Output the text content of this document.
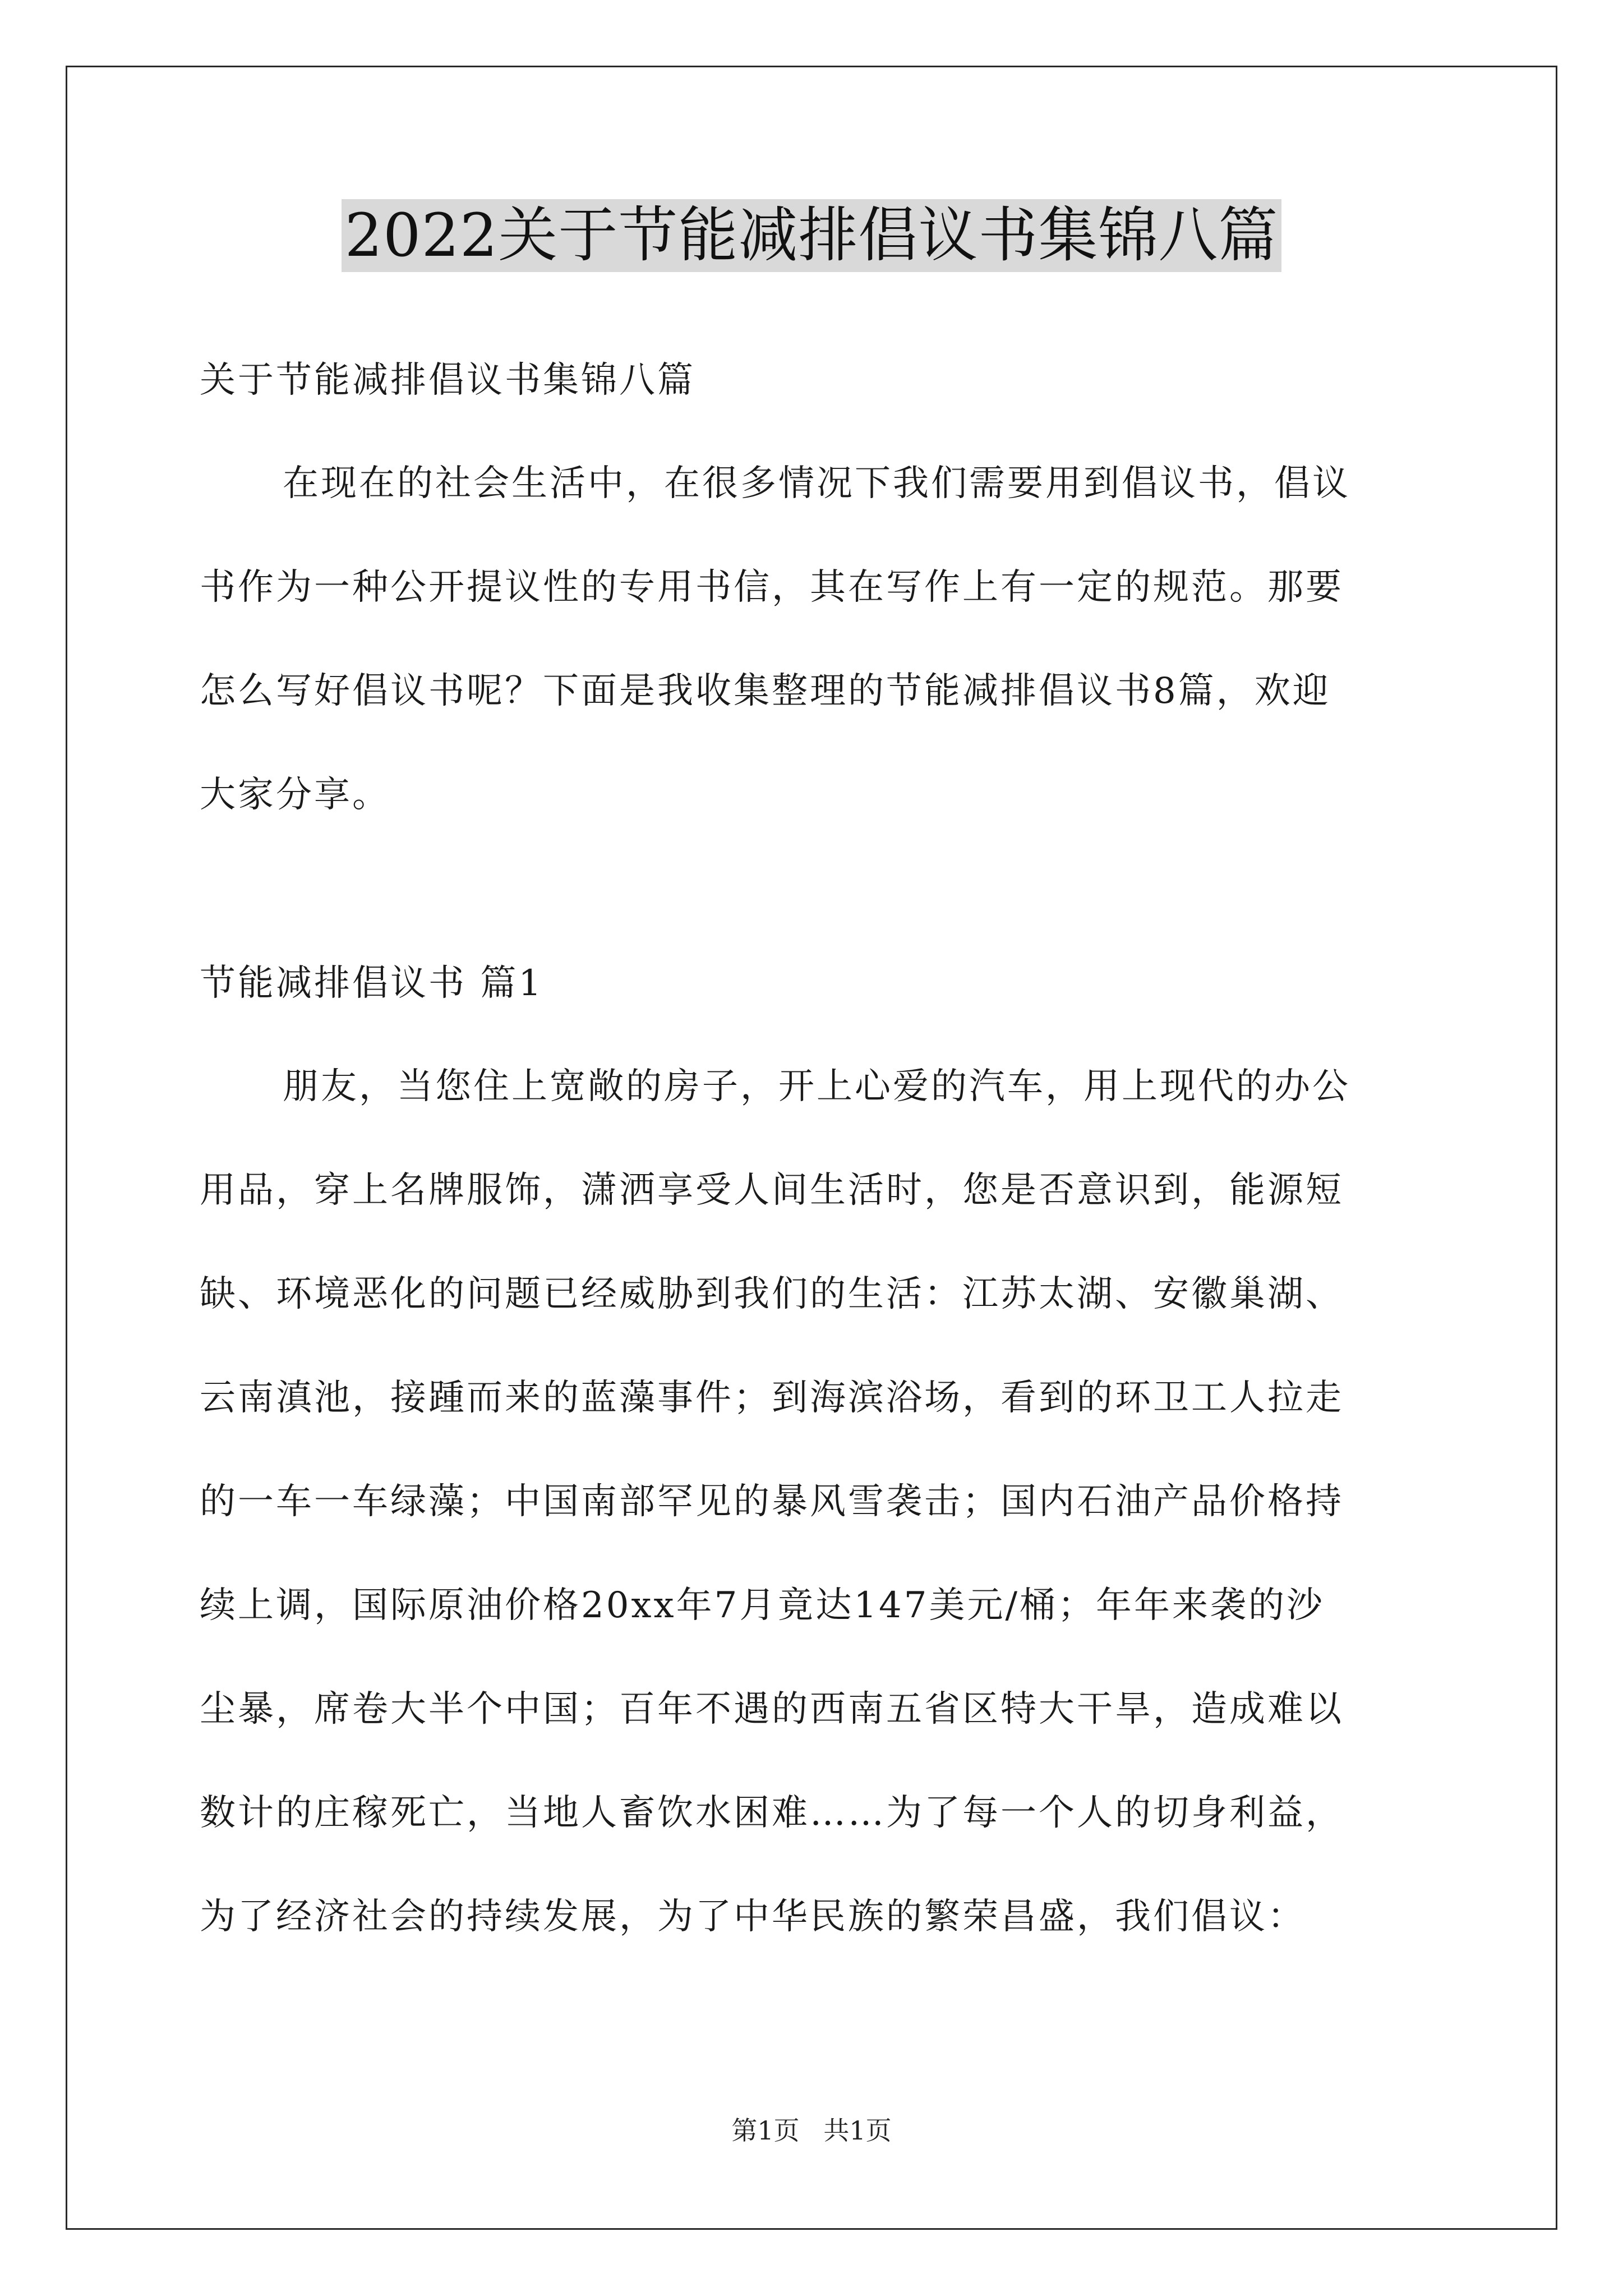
2022关于节能减排倡议书集锦八篇
关于节能减排倡议书集锦八篇
在现在的社会生活中，在很多情况下我们需要用到倡议书，倡议
书作为一种公开提议性的专用书信，其在写作上有一定的规范。那要
怎么写好倡议书呢？下面是我收集整理的节能减排倡议书8篇，欢迎
大家分享。
节能减排倡议书 篇1
朋友，当您住上宽敞的房子，开上心爱的汽车，用上现代的办公
用品，穿上名牌服饰，潇洒享受人间生活时，您是否意识到，能源短
缺、环境恶化的问题已经威胁到我们的生活：江苏太湖、安徽巢湖、
云南滇池，接踵而来的蓝藻事件；到海滨浴场，看到的环卫工人拉走
的一车一车绿藻；中国南部罕见的暴风雪袭击；国内石油产品价格持
续上调，国际原油价格20xx年7月竟达147美元/桶；年年来袭的沙
尘暴，席卷大半个中国；百年不遇的西南五省区特大干旱，造成难以
数计的庄稼死亡，当地人畜饮水困难……为了每一个人的切身利益，
为了经济社会的持续发展，为了中华民族的繁荣昌盛，我们倡议：
第1页 共1页
